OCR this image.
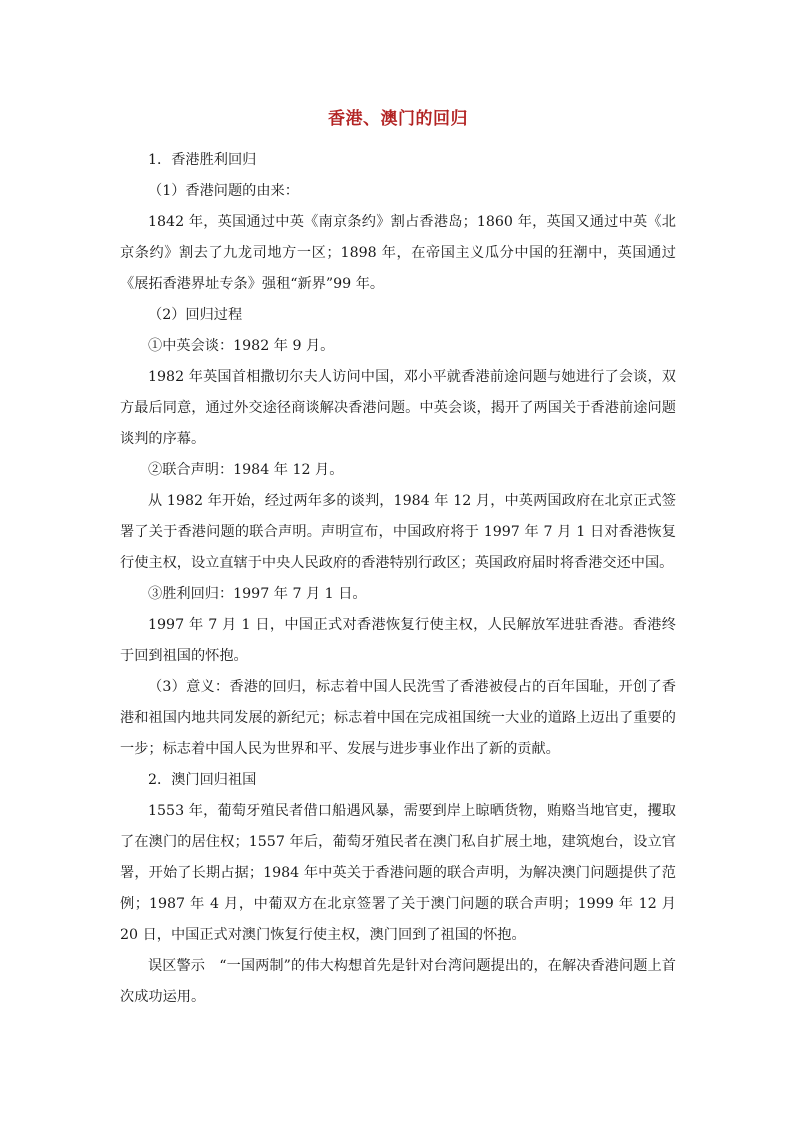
香港、澳门的回归

1．香港胜利回归

（1）香港问题的由来：

1842 年，英国通过中英《南京条约》割占香港岛；1860 年，英国又通过中英《北京条约》割去了九龙司地方一区；1898 年，在帝国主义瓜分中国的狂潮中，英国通过《展拓香港界址专条》强租“新界”99 年。

（2）回归过程

①中英会谈：1982 年 9 月。

1982 年英国首相撒切尔夫人访问中国，邓小平就香港前途问题与她进行了会谈，双方最后同意，通过外交途径商谈解决香港问题。中英会谈，揭开了两国关于香港前途问题谈判的序幕。

②联合声明：1984 年 12 月。

从 1982 年开始，经过两年多的谈判，1984 年 12 月，中英两国政府在北京正式签署了关于香港问题的联合声明。声明宣布，中国政府将于 1997 年 7 月 1 日对香港恢复行使主权，设立直辖于中央人民政府的香港特别行政区；英国政府届时将香港交还中国。

③胜利回归：1997 年 7 月 1 日。

1997 年 7 月 1 日，中国正式对香港恢复行使主权，人民解放军进驻香港。香港终于回到祖国的怀抱。

（3）意义：香港的回归，标志着中国人民洗雪了香港被侵占的百年国耻，开创了香港和祖国内地共同发展的新纪元；标志着中国在完成祖国统一大业的道路上迈出了重要的一步；标志着中国人民为世界和平、发展与进步事业作出了新的贡献。

2．澳门回归祖国

1553 年，葡萄牙殖民者借口船遇风暴，需要到岸上晾晒货物，贿赂当地官吏，攫取了在澳门的居住权；1557 年后，葡萄牙殖民者在澳门私自扩展土地，建筑炮台，设立官署，开始了长期占据；1984 年中英关于香港问题的联合声明，为解决澳门问题提供了范例；1987 年 4 月，中葡双方在北京签署了关于澳门问题的联合声明；1999 年 12 月 20 日，中国正式对澳门恢复行使主权，澳门回到了祖国的怀抱。

误区警示　“一国两制”的伟大构想首先是针对台湾问题提出的，在解决香港问题上首次成功运用。
